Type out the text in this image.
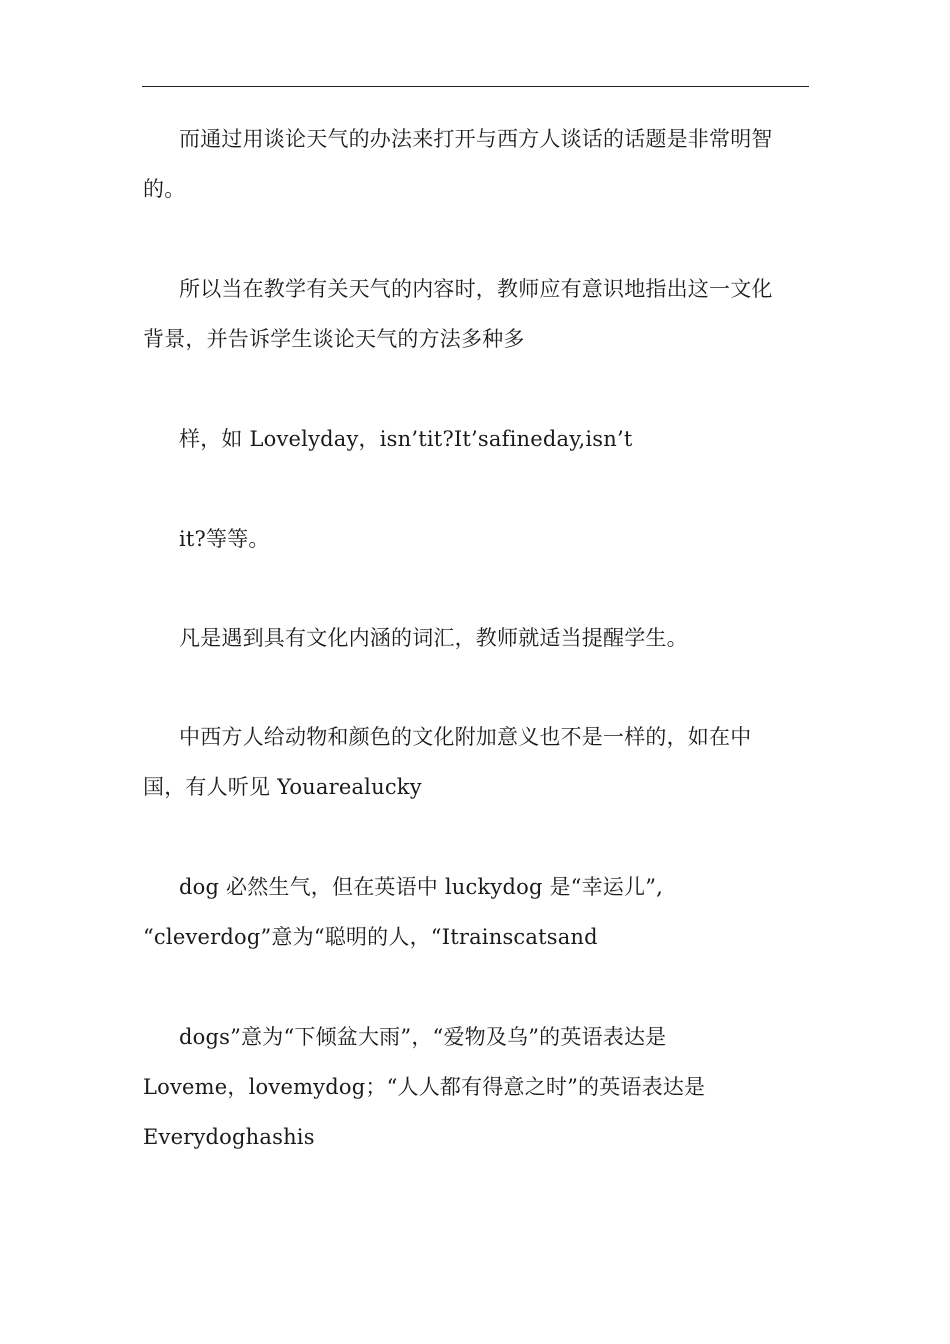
而通过用谈论天气的办法来打开与西方人谈话的话题是非常明智
的。
所以当在教学有关天气的内容时，教师应有意识地指出这一文化
背景，并告诉学生谈论天气的方法多种多
样，如 Lovelyday，isn’tit?It’safineday,isn’t
it?等等。
凡是遇到具有文化内涵的词汇，教师就适当提醒学生。
中西方人给动物和颜色的文化附加意义也不是一样的，如在中
国，有人听见 Youarealucky
dog 必然生气，但在英语中 luckydog 是“幸运儿”,
“cleverdog”意为“聪明的人，“Itrainscatsand
dogs”意为“下倾盆大雨”，“爱物及乌”的英语表达是
Loveme，lovemydog；“人人都有得意之时”的英语表达是
Everydoghashis
